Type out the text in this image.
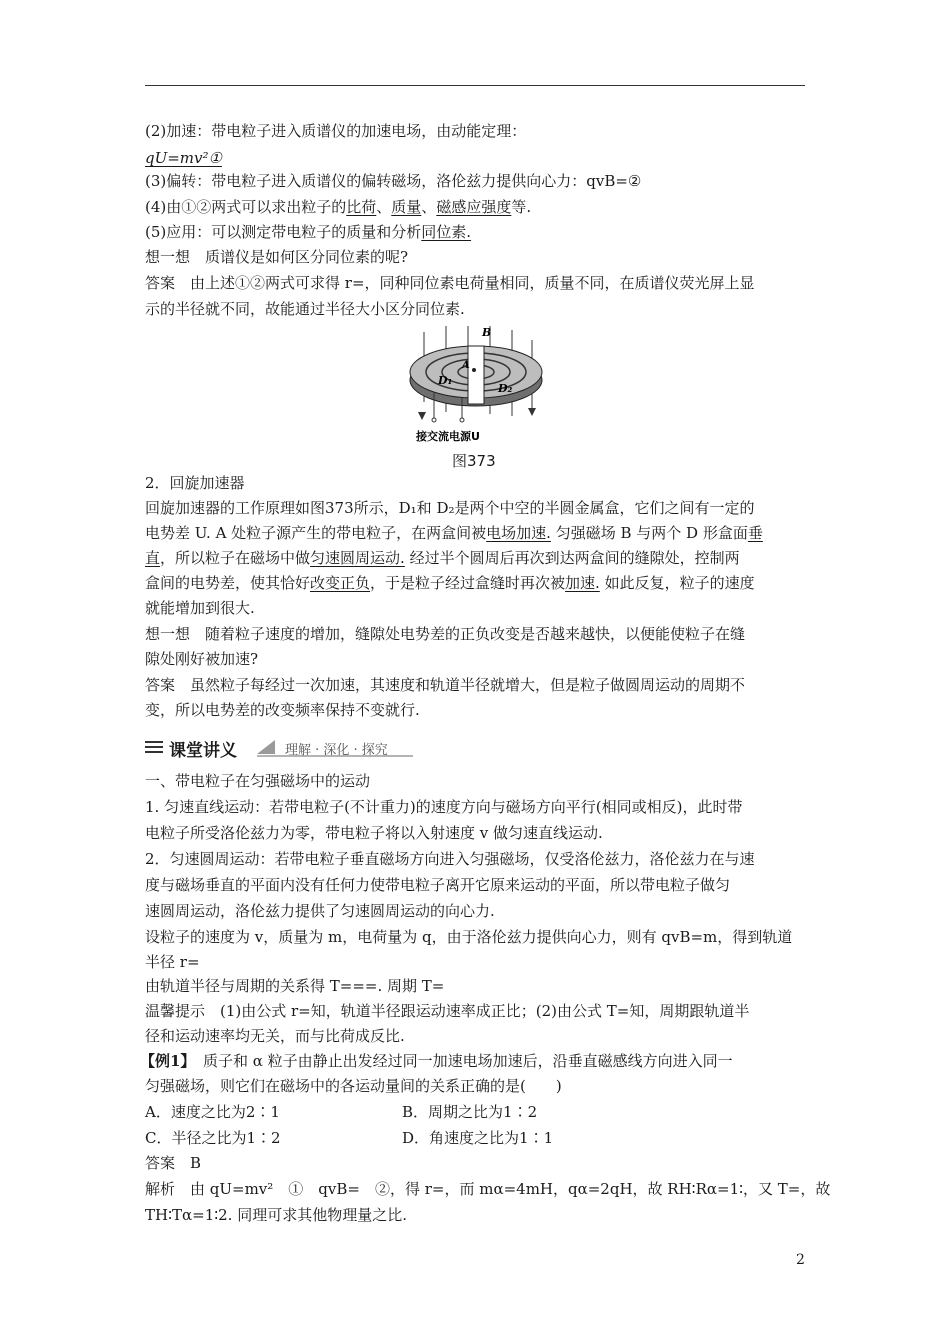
(2)加速：带电粒子进入质谱仪的加速电场，由动能定理：
qU=mv²①
(3)偏转：带电粒子进入质谱仪的偏转磁场，洛伦兹力提供向心力：qvB=②
(4)由①②两式可以求出粒子的比荷、质量、磁感应强度等.
(5)应用：可以测定带电粒子的质量和分析同位素.
想一想　质谱仪是如何区分同位素的呢?
答案　由上述①②两式可求得 r=，同种同位素电荷量相同，质量不同，在质谱仪荧光屏上显
示的半径就不同，故能通过半径大小区分同位素.
B
A
D₁
D₂
接交流电源U
图373
2．回旋加速器
回旋加速器的工作原理如图373所示，D₁和 D₂是两个中空的半圆金属盒，它们之间有一定的
电势差 U. A 处粒子源产生的带电粒子，在两盒间被电场加速. 匀强磁场 B 与两个 D 形盒面垂
直，所以粒子在磁场中做匀速圆周运动. 经过半个圆周后再次到达两盒间的缝隙处，控制两
盒间的电势差，使其恰好改变正负，于是粒子经过盒缝时再次被加速. 如此反复，粒子的速度
就能增加到很大.
想一想　随着粒子速度的增加，缝隙处电势差的正负改变是否越来越快，以便能使粒子在缝
隙处刚好被加速?
答案　虽然粒子每经过一次加速，其速度和轨道半径就增大，但是粒子做圆周运动的周期不
变，所以电势差的改变频率保持不变就行.
课堂讲义	理解 · 深化 · 探究
一、带电粒子在匀强磁场中的运动
1. 匀速直线运动：若带电粒子(不计重力)的速度方向与磁场方向平行(相同或相反)，此时带
电粒子所受洛伦兹力为零，带电粒子将以入射速度 v 做匀速直线运动.
2．匀速圆周运动：若带电粒子垂直磁场方向进入匀强磁场，仅受洛伦兹力，洛伦兹力在与速
度与磁场垂直的平面内没有任何力使带电粒子离开它原来运动的平面，所以带电粒子做匀
速圆周运动，洛伦兹力提供了匀速圆周运动的向心力.
设粒子的速度为 v，质量为 m，电荷量为 q，由于洛伦兹力提供向心力，则有 qvB=m，得到轨道
半径 r=
由轨道半径与周期的关系得 T===. 周期 T=
温馨提示　(1)由公式 r=知，轨道半径跟运动速率成正比；(2)由公式 T=知，周期跟轨道半
径和运动速率均无关，而与比荷成反比.
【例1】　质子和 α 粒子由静止出发经过同一加速电场加速后，沿垂直磁感线方向进入同一
匀强磁场，则它们在磁场中的各运动量间的关系正确的是(　　)
A．速度之比为2∶1	B．周期之比为1∶2
C．半径之比为1∶2	D．角速度之比为1∶1
答案　B
解析　由 qU=mv²　①　qvB=　②，得 r=，而 mα=4mH，qα=2qH，故 RH∶Rα=1∶，又 T=，故
TH∶Tα=1∶2. 同理可求其他物理量之比.
2
